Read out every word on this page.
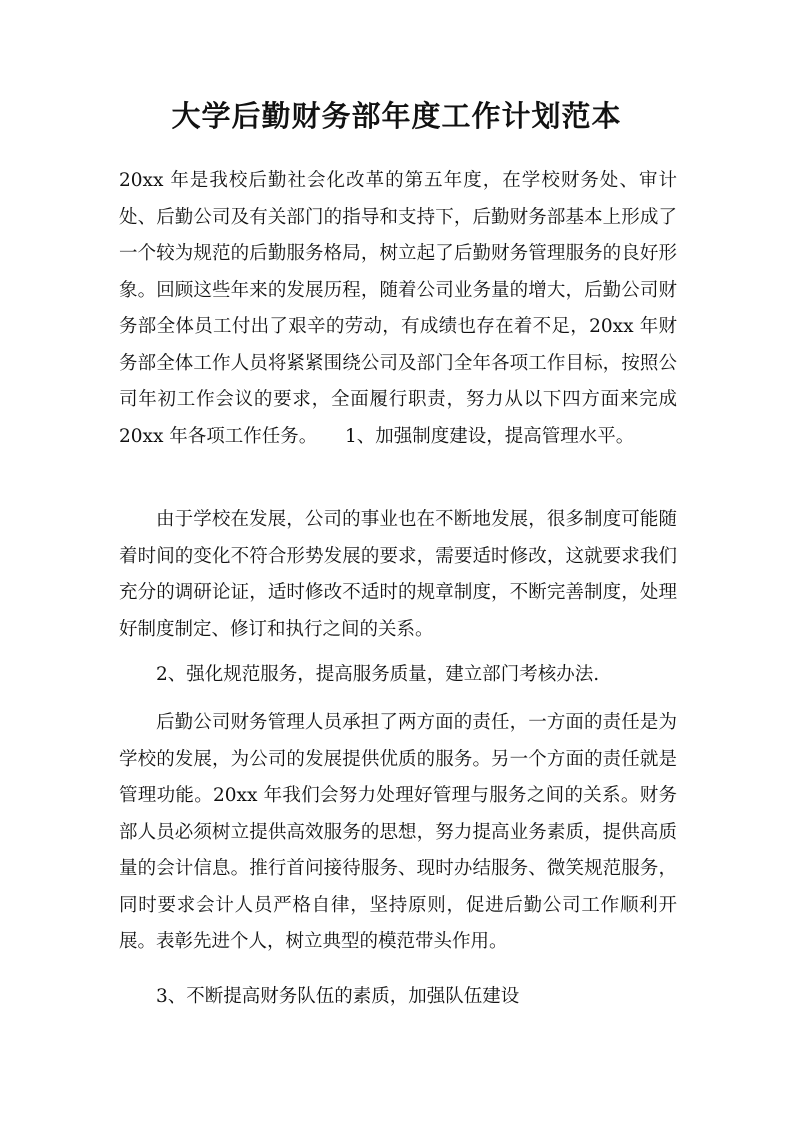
大学后勤财务部年度工作计划范本

20xx 年是我校后勤社会化改革的第五年度，在学校财务处、审计处、后勤公司及有关部门的指导和支持下，后勤财务部基本上形成了一个较为规范的后勤服务格局，树立起了后勤财务管理服务的良好形象。回顾这些年来的发展历程，随着公司业务量的增大，后勤公司财务部全体员工付出了艰辛的劳动，有成绩也存在着不足，20xx 年财务部全体工作人员将紧紧围绕公司及部门全年各项工作目标，按照公司年初工作会议的要求，全面履行职责，努力从以下四方面来完成 20xx 年各项工作任务。　　1、加强制度建设，提高管理水平。

由于学校在发展，公司的事业也在不断地发展，很多制度可能随着时间的变化不符合形势发展的要求，需要适时修改，这就要求我们充分的调研论证，适时修改不适时的规章制度，不断完善制度，处理好制度制定、修订和执行之间的关系。

2、强化规范服务，提高服务质量，建立部门考核办法.

后勤公司财务管理人员承担了两方面的责任，一方面的责任是为学校的发展，为公司的发展提供优质的服务。另一个方面的责任就是管理功能。20xx 年我们会努力处理好管理与服务之间的关系。财务部人员必须树立提供高效服务的思想，努力提高业务素质，提供高质量的会计信息。推行首问接待服务、现时办结服务、微笑规范服务，同时要求会计人员严格自律，坚持原则，促进后勤公司工作顺利开展。表彰先进个人，树立典型的模范带头作用。

3、不断提高财务队伍的素质，加强队伍建设
